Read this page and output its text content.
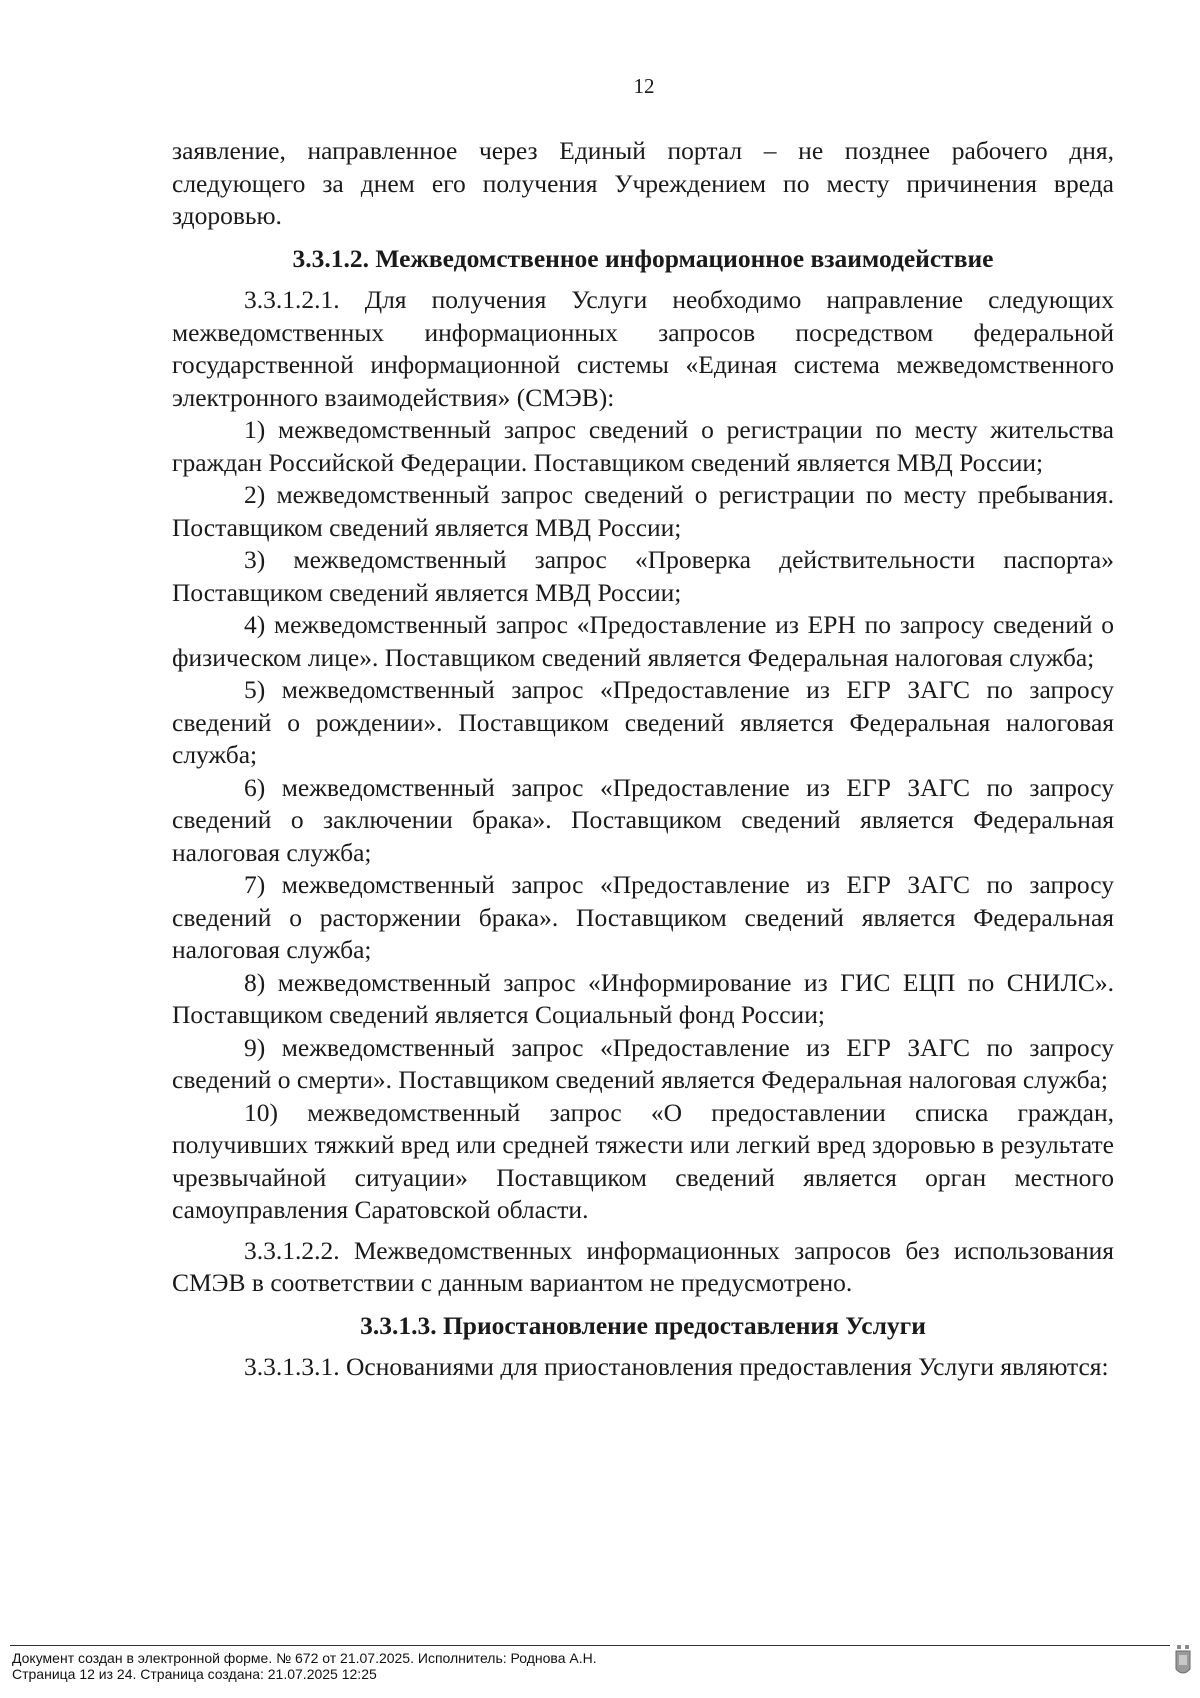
12

заявление, направленное через Единый портал – не позднее рабочего дня, следующего за днем его получения Учреждением по месту причинения вреда здоровью.

3.3.1.2. Межведомственное информационное взаимодействие

3.3.1.2.1. Для получения Услуги необходимо направление следующих межведомственных информационных запросов посредством федеральной государственной информационной системы «Единая система межведомственного электронного взаимодействия» (СМЭВ):

1) межведомственный запрос сведений о регистрации по месту жительства граждан Российской Федерации. Поставщиком сведений является МВД России;

2) межведомственный запрос сведений о регистрации по месту пребывания. Поставщиком сведений является МВД России;

3) межведомственный запрос «Проверка действительности паспорта» Поставщиком сведений является МВД России;

4) межведомственный запрос «Предоставление из ЕРН по запросу сведений о физическом лице». Поставщиком сведений является Федеральная налоговая служба;

5) межведомственный запрос «Предоставление из ЕГР ЗАГС по запросу сведений о рождении». Поставщиком сведений является Федеральная налоговая служба;

6) межведомственный запрос «Предоставление из ЕГР ЗАГС по запросу сведений о заключении брака». Поставщиком сведений является Федеральная налоговая служба;

7) межведомственный запрос «Предоставление из ЕГР ЗАГС по запросу сведений о расторжении брака». Поставщиком сведений является Федеральная налоговая служба;

8) межведомственный запрос «Информирование из ГИС ЕЦП по СНИЛС». Поставщиком сведений является Социальный фонд России;

9) межведомственный запрос «Предоставление из ЕГР ЗАГС по запросу сведений о смерти». Поставщиком сведений является Федеральная налоговая служба;

10) межведомственный запрос «О предоставлении списка граждан, получивших тяжкий вред или средней тяжести или легкий вред здоровью в результате чрезвычайной ситуации» Поставщиком сведений является орган местного самоуправления Саратовской области.

3.3.1.2.2. Межведомственных информационных запросов без использования СМЭВ в соответствии с данным вариантом не предусмотрено.

3.3.1.3. Приостановление предоставления Услуги

3.3.1.3.1. Основаниями для приостановления предоставления Услуги являются:

Документ создан в электронной форме. № 672 от 21.07.2025. Исполнитель: Роднова А.Н.
Страница 12 из 24. Страница создана: 21.07.2025 12:25
